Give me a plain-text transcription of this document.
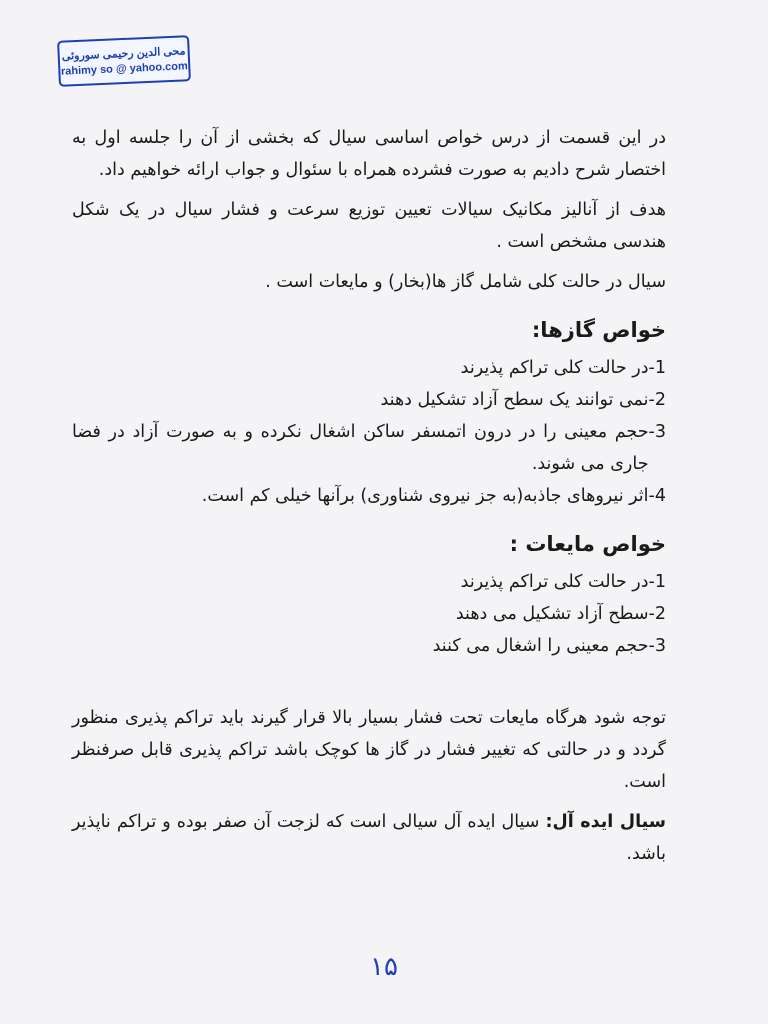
محی الدین رحیمی سوروئی
rahimy so @ yahoo.com

در این قسمت از درس خواص اساسی سیال که بخشی از آن را جلسه اول به اختصار شرح دادیم به صورت فشرده همراه با سئوال و جواب ارائه خواهیم داد.

هدف از آنالیز مکانیک سیالات تعیین توزیع سرعت و فشار سیال در یک شکل هندسی مشخص است .

سیال در حالت کلی شامل گاز ها(بخار) و مایعات است .

خواص گازها:
1-
در حالت کلی تراکم پذیرند
2-
نمی توانند یک سطح آزاد تشکیل دهند
3-
حجم معینی را در درون اتمسفر ساکن اشغال نکرده و به صورت آزاد در فضا جاری می شوند.
4-
اثر نیروهای جاذبه(به جز نیروی شناوری) برآنها خیلی کم است.
خواص مایعات :
1-
در حالت کلی تراکم پذیرند
2-
سطح آزاد تشکیل می دهند
3-
حجم معینی را اشغال می کنند

توجه شود هرگاه مایعات تحت فشار بسیار بالا قرار گیرند باید تراکم پذیری منظور گردد و در حالتی که تغییر فشار در گاز ها کوچک باشد تراکم پذیری قابل صرفنظر است.

سیال ایده آل: سیال ایده آل سیالی است که لزجت آن صفر بوده و تراکم ناپذیر باشد.

١۵
